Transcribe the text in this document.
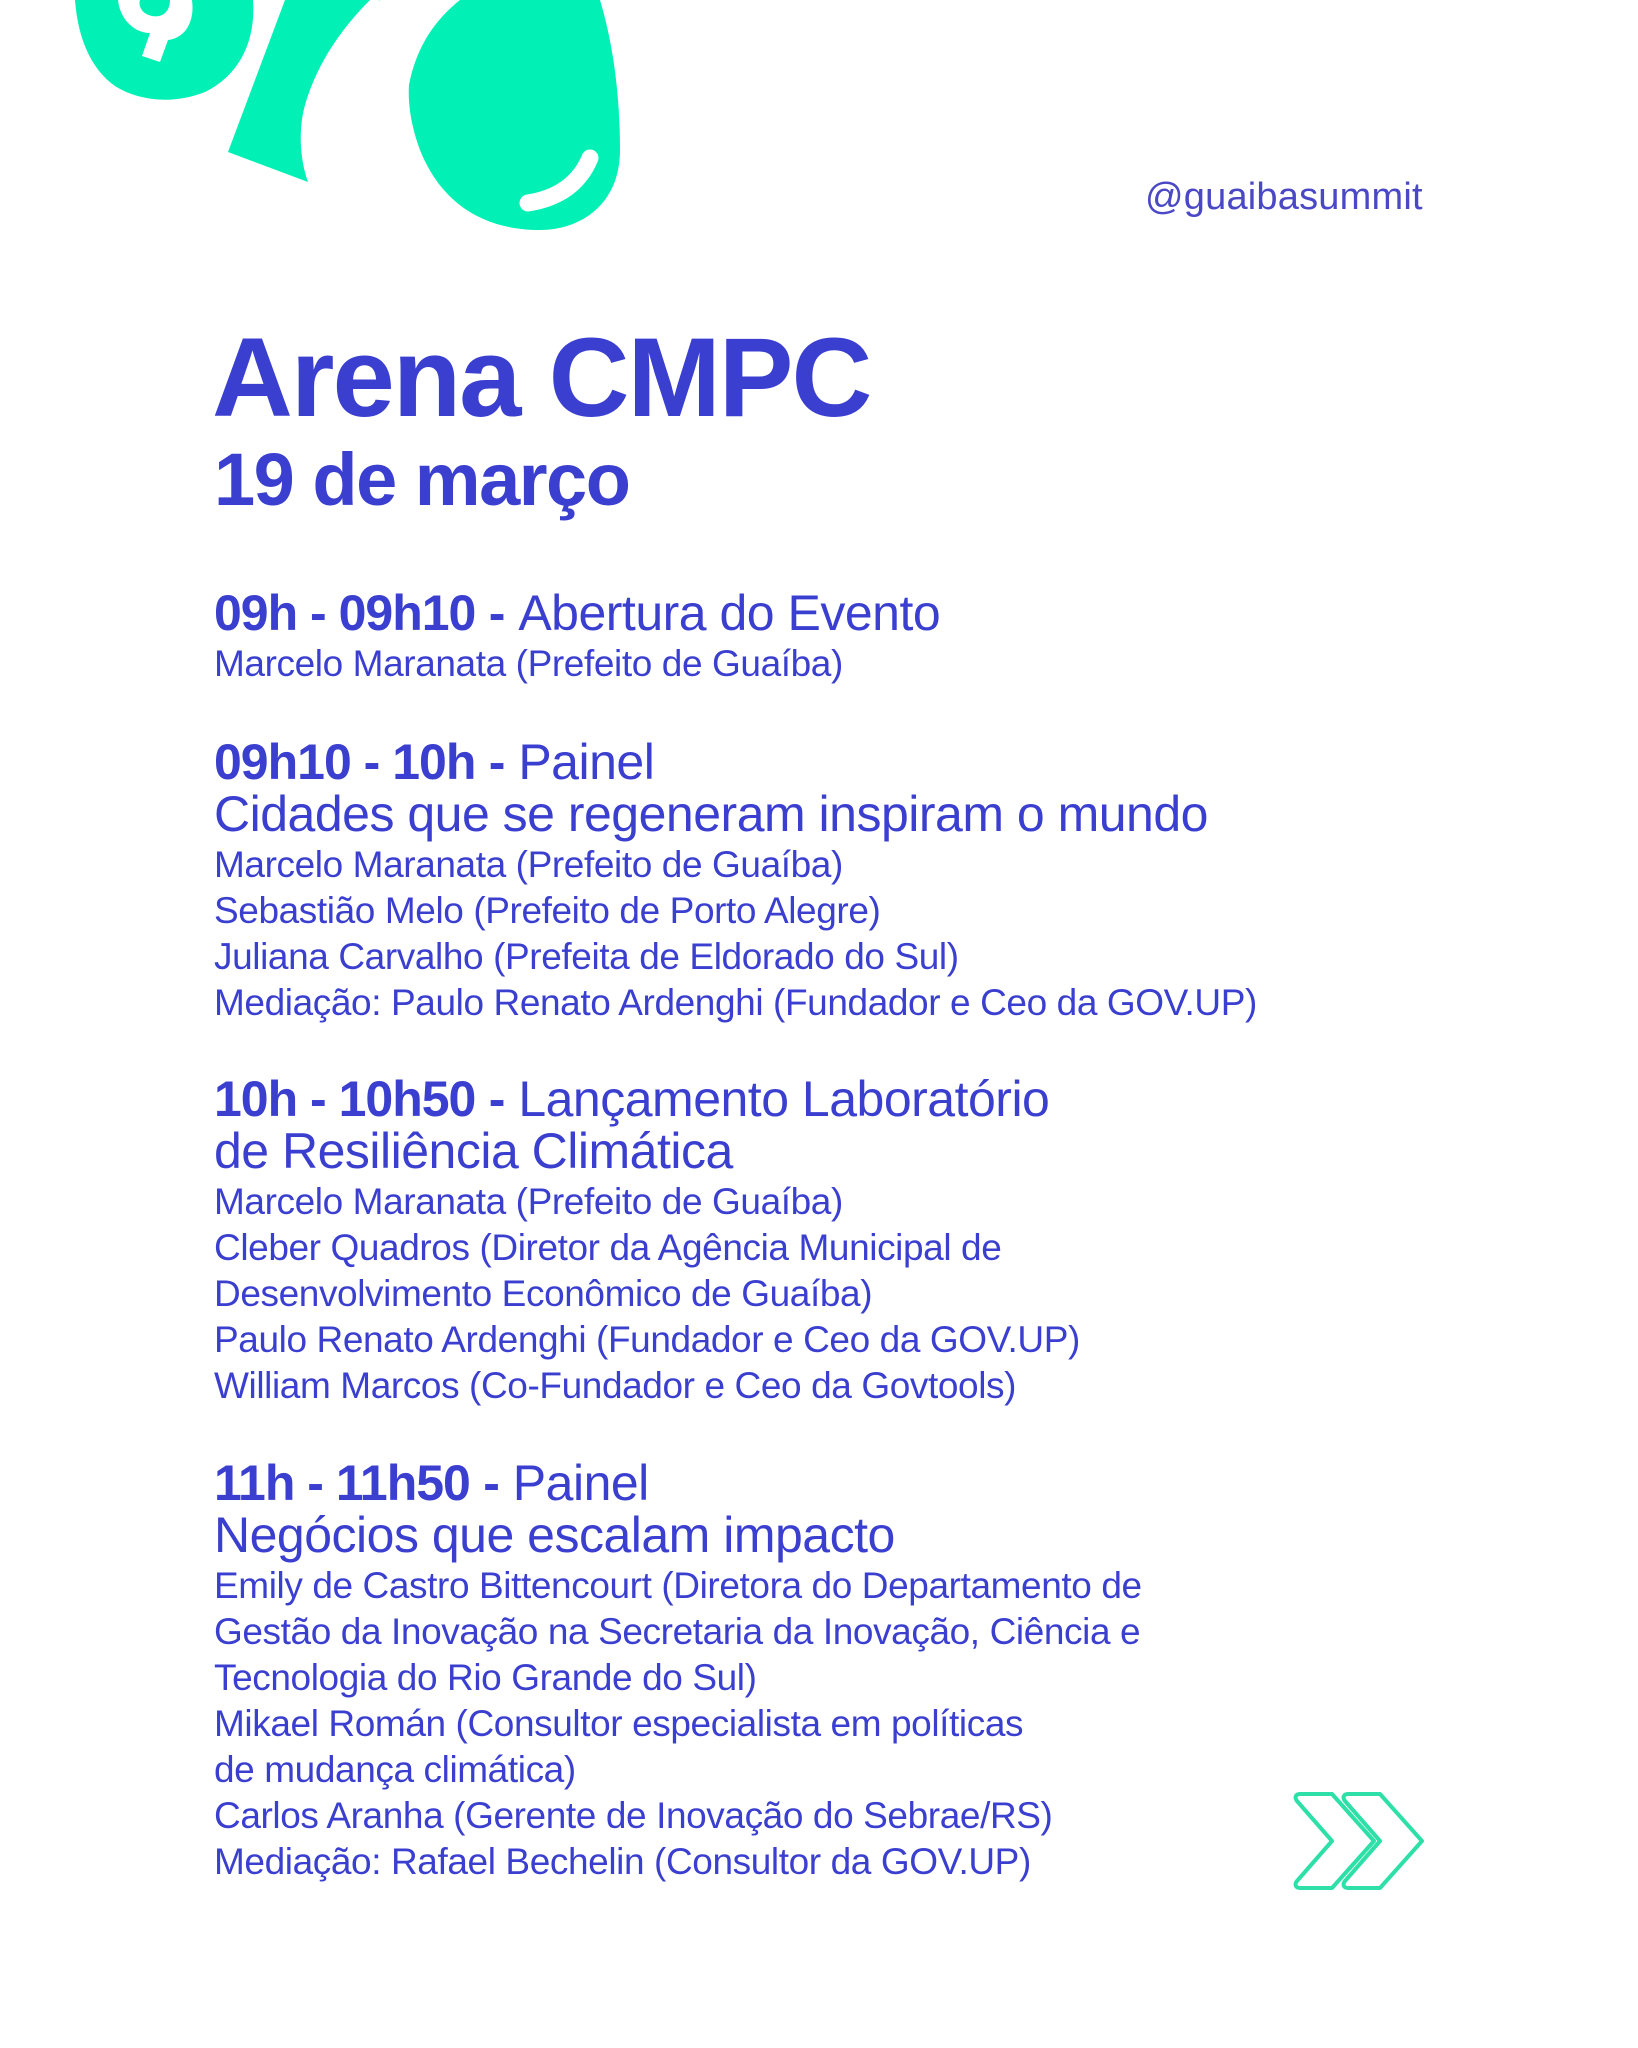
@guaibasummit
Arena CMPC
19 de março
09h - 09h10 - Abertura do Evento
Marcelo Maranata (Prefeito de Guaíba)
09h10 - 10h - Painel
Cidades que se regeneram inspiram o mundo
Marcelo Maranata (Prefeito de Guaíba)
Sebastião Melo (Prefeito de Porto Alegre)
Juliana Carvalho (Prefeita de Eldorado do Sul)
Mediação: Paulo Renato Ardenghi (Fundador e Ceo da GOV.UP)
10h - 10h50 - Lançamento Laboratório
de Resiliência Climática
Marcelo Maranata (Prefeito de Guaíba)
Cleber Quadros (Diretor da Agência Municipal de
Desenvolvimento Econômico de Guaíba)
Paulo Renato Ardenghi (Fundador e Ceo da GOV.UP)
William Marcos (Co-Fundador e Ceo da Govtools)
11h - 11h50 - Painel
Negócios que escalam impacto
Emily de Castro Bittencourt (Diretora do Departamento de
Gestão da Inovação na Secretaria da Inovação, Ciência e
Tecnologia do Rio Grande do Sul)
Mikael Román (Consultor especialista em políticas
de mudança climática)
Carlos Aranha (Gerente de Inovação do Sebrae/RS)
Mediação: Rafael Bechelin (Consultor da GOV.UP)
